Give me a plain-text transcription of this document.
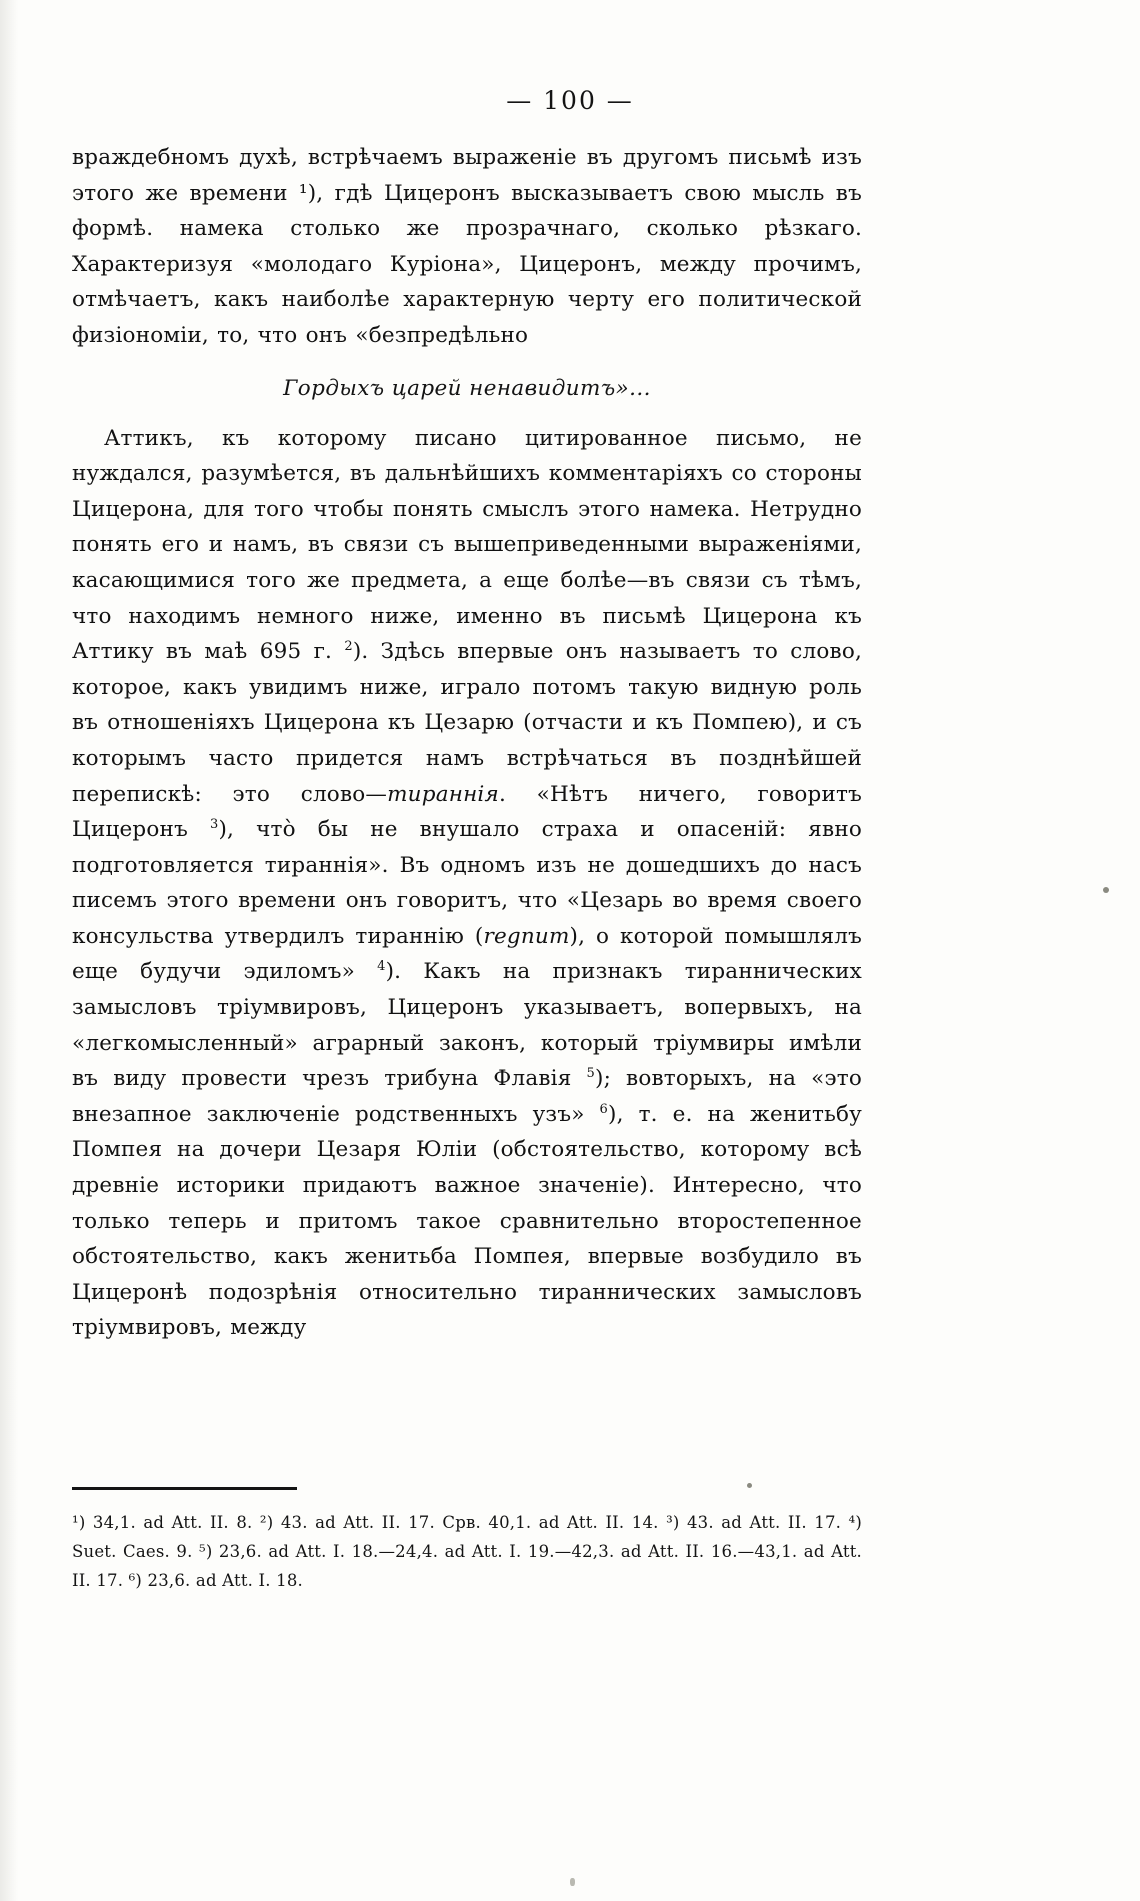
— 100 —

враждебномъ духѣ, встрѣчаемъ выраженіе въ другомъ письмѣ изъ этого же времени ¹), гдѣ Цицеронъ высказываетъ свою мысль въ формѣ. намека столько же прозрачнаго, сколько рѣзкаго. Характеризуя «молодаго Куріона», Цицеронъ, между прочимъ, отмѣчаетъ, какъ наиболѣе характерную черту его политической физіономіи, то, что онъ «безпредѣльно

Гордыхъ царей ненавидитъ»...

Аттикъ, къ которому писано цитированное письмо, не нуждался, разумѣется, въ дальнѣйшихъ комментаріяхъ со стороны Цицерона, для того чтобы понять смыслъ этого намека. Нетрудно понять его и намъ, въ связи съ вышеприведенными выраженіями, касающимися того же предмета, а еще болѣе—въ связи съ тѣмъ, что находимъ немного ниже, именно въ письмѣ Цицерона къ Аттику въ маѣ 695 г. $^2$). Здѣсь впервые онъ называетъ то слово, которое, какъ увидимъ ниже, играло потомъ такую видную роль въ отношеніяхъ Цицерона къ Цезарю (отчасти и къ Помпею), и съ которымъ часто придется намъ встрѣчаться въ позднѣйшей перепискѣ: это слово—тираннія. «Нѣтъ ничего, говоритъ Цицеронъ $^3$), чтò бы не внушало страха и опасеній: явно подготовляется тираннія». Въ одномъ изъ не дошедшихъ до насъ писемъ этого времени онъ говоритъ, что «Цезарь во время своего консульства утвердилъ тираннію (regnum), о которой помышлялъ еще будучи эдиломъ» $^4$). Какъ на признакъ тираннических замысловъ тріумвировъ, Цицеронъ указываетъ, вопервыхъ, на «легкомысленный» аграрный законъ, который тріумвиры имѣли въ виду провести чрезъ трибуна Флавія $^5$); вовторыхъ, на «это внезапное заключеніе родственныхъ узъ» $^6$), т. е. на женитьбу Помпея на дочери Цезаря Юліи (обстоятельство, которому всѣ древніе историки придаютъ важное значеніе). Интересно, что только теперь и притомъ такое сравнительно второстепенное обстоятельство, какъ женитьба Помпея, впервые возбудило въ Цицеронѣ подозрѣнія относительно тираннических замысловъ тріумвировъ, между

¹) 34,1. ad Att. II. 8. ²) 43. ad Att. II. 17. Срв. 40,1. ad Att. II. 14. ³) 43. ad Att. II. 17. ⁴) Suet. Caes. 9. ⁵) 23,6. ad Att. I. 18.—24,4. ad Att. I. 19.—42,3. ad Att. II. 16.—43,1. ad Att. II. 17. ⁶) 23,6. ad Att. I. 18.
